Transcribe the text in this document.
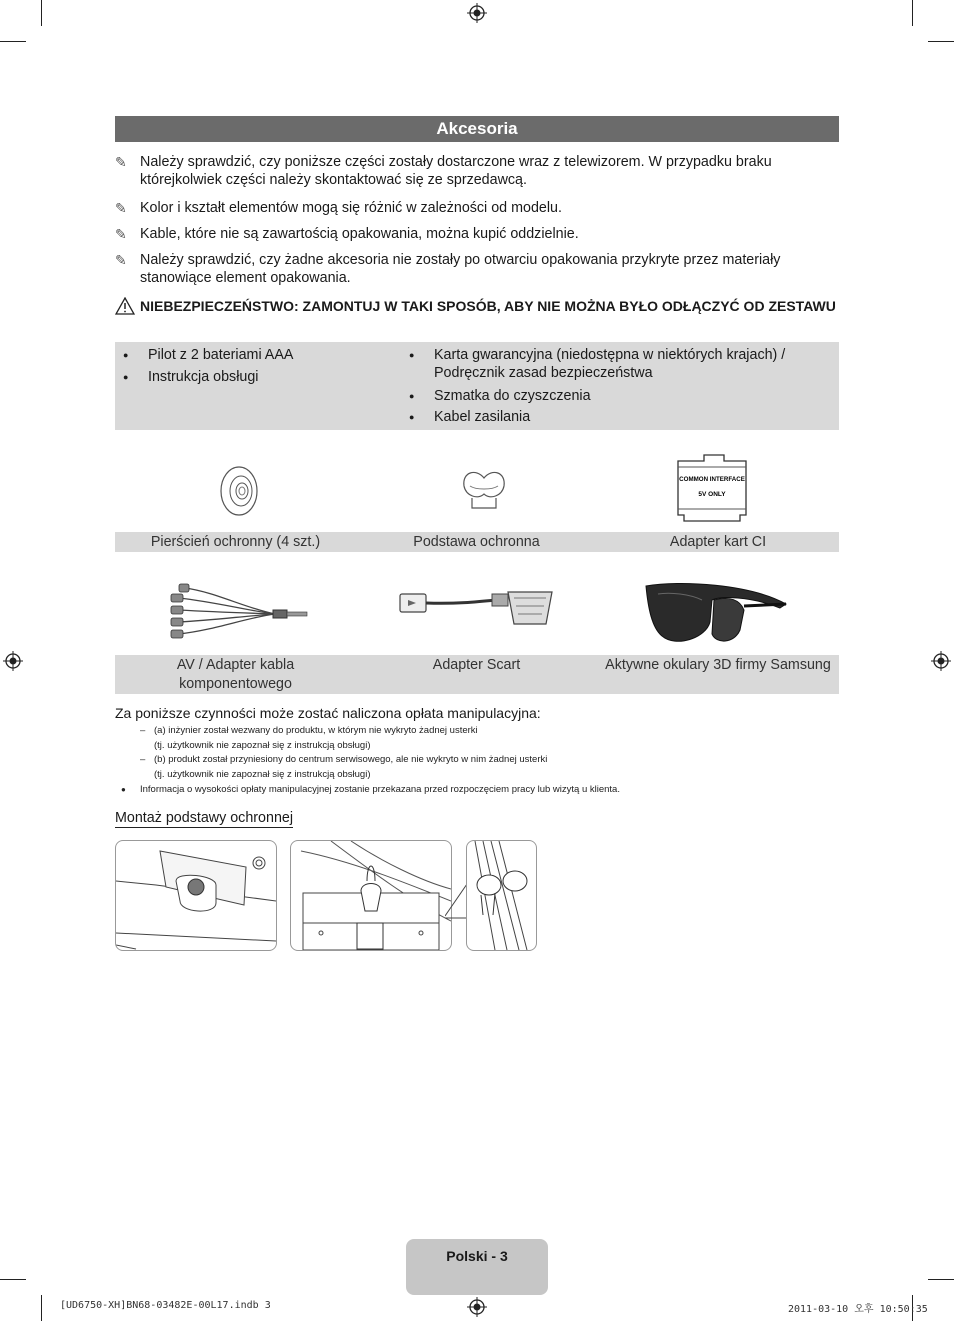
Akcesoria
✎ Należy sprawdzić, czy poniższe części zostały dostarczone wraz z telewizorem. W przypadku braku którejkolwiek części należy skontaktować się ze sprzedawcą.
✎ Kolor i kształt elementów mogą się różnić w zależności od modelu.
✎ Kable, które nie są zawartością opakowania, można kupić oddzielnie.
✎ Należy sprawdzić, czy żadne akcesoria nie zostały po otwarciu opakowania przykryte przez materiały stanowiące element opakowania.
NIEBEZPIECZEŃSTWO: ZAMONTUJ W TAKI SPOSÓB, ABY NIE MOŻNA BYŁO ODŁĄCZYĆ OD ZESTAWU
● Pilot z 2 bateriami AAA
● Instrukcja obsługi
● Karta gwarancyjna (niedostępna w niektórych krajach) / Podręcznik zasad bezpieczeństwa
● Szmatka do czyszczenia
● Kabel zasilania
COMMON INTERFACE
5V ONLY
Pierścień ochronny (4 szt.)	Podstawa ochronna	Adapter kart CI
AV / Adapter kabla komponentowego
Adapter Scart	Aktywne okulary 3D firmy Samsung
Za poniższe czynności może zostać naliczona opłata manipulacyjna:
– (a) inżynier został wezwany do produktu, w którym nie wykryto żadnej usterki
(tj. użytkownik nie zapoznał się z instrukcją obsługi)
– (b) produkt został przyniesiony do centrum serwisowego, ale nie wykryto w nim żadnej usterki
(tj. użytkownik nie zapoznał się z instrukcją obsługi)
● Informacja o wysokości opłaty manipulacyjnej zostanie przekazana przed rozpoczęciem pracy lub wizytą u klienta.
Montaż podstawy ochronnej
Polski - 3
[UD6750-XH]BN68-03482E-00L17.indb 3	2011-03-10 오후 10:50:35
